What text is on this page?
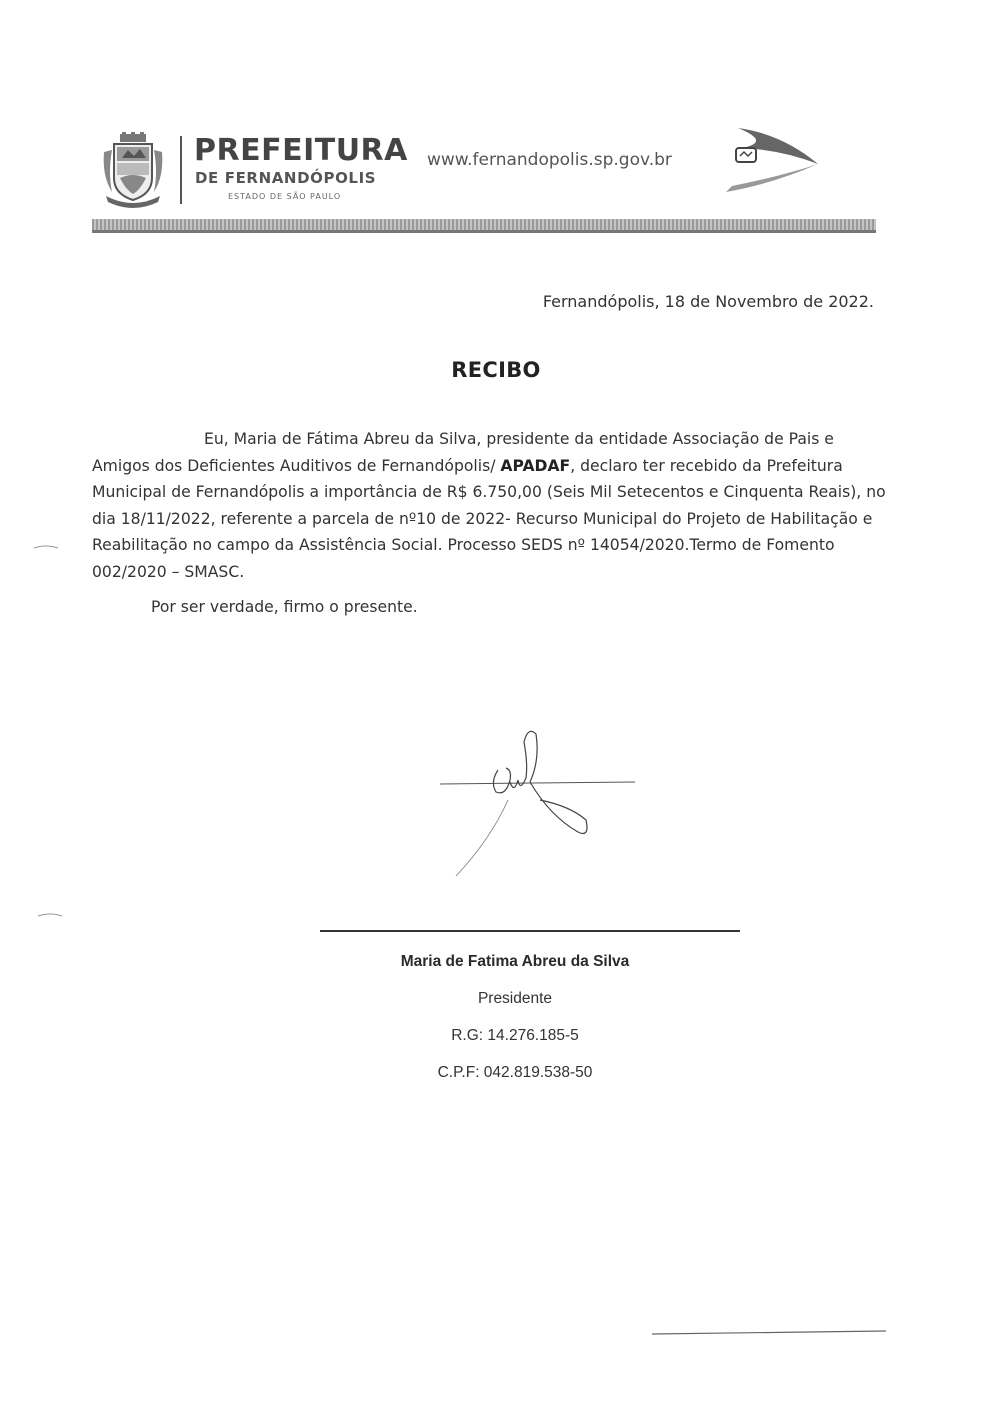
PREFEITURA
DE FERNANDÓPOLIS
ESTADO DE SÃO PAULO
www.fernandopolis.sp.gov.br
Fernandópolis, 18 de Novembro de 2022.
RECIBO
Eu, Maria de Fátima Abreu da Silva, presidente da entidade Associação de Pais e Amigos dos Deficientes Auditivos de Fernandópolis/ APADAF, declaro ter recebido da Prefeitura Municipal de Fernandópolis a importância de R$ 6.750,00 (Seis Mil Setecentos e Cinquenta Reais), no dia 18/11/2022, referente a parcela de nº10 de 2022- Recurso Municipal do Projeto de Habilitação e Reabilitação no campo da Assistência Social. Processo SEDS nº 14054/2020.Termo de Fomento 002/2020 – SMASC.
Por ser verdade, firmo o presente.
Maria de Fatima Abreu da Silva
Presidente
R.G: 14.276.185-5
C.P.F: 042.819.538-50
